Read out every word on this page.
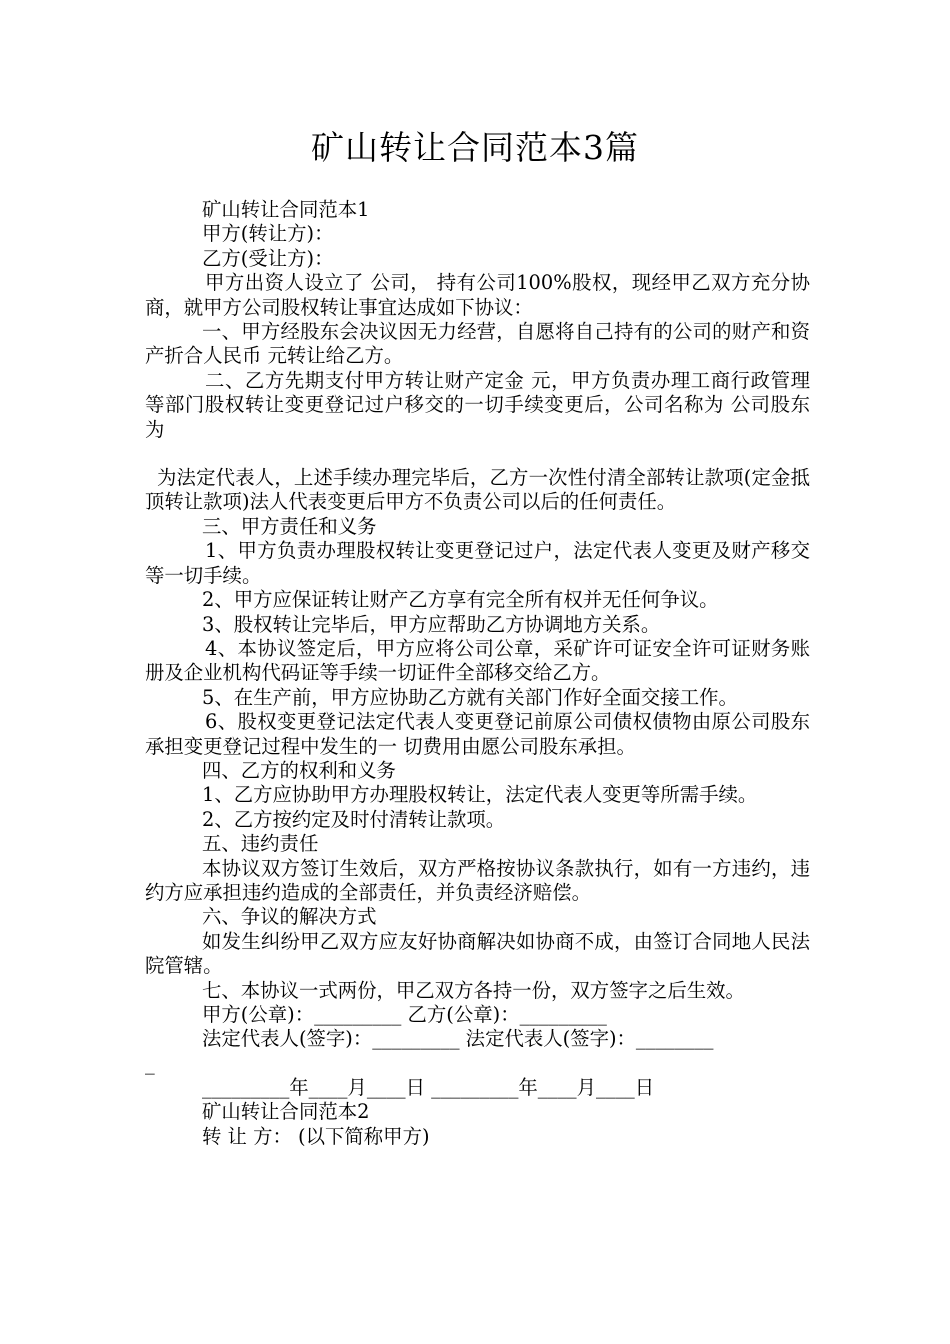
矿山转让合同范本3篇

矿山转让合同范本1

甲方(转让方)：

乙方(受让方)：

甲方出资人设立了 公司， 持有公司100%股权，现经甲乙双方充分协商，就甲方公司股权转让事宜达成如下协议：

一、甲方经股东会决议因无力经营，自愿将自己持有的公司的财产和资产折合人民币 元转让给乙方。

二、乙方先期支付甲方转让财产定金 元，甲方负责办理工商行政管理等部门股权转让变更登记过户移交的一切手续变更后，公司名称为 公司股东为

为法定代表人，上述手续办理完毕后，乙方一次性付清全部转让款项(定金抵顶转让款项)法人代表变更后甲方不负责公司以后的任何责任。

三、甲方责任和义务

1、甲方负责办理股权转让变更登记过户，法定代表人变更及财产移交等一切手续。

2、甲方应保证转让财产乙方享有完全所有权并无任何争议。

3、股权转让完毕后，甲方应帮助乙方协调地方关系。

4、本协议签定后，甲方应将公司公章，采矿许可证安全许可证财务账册及企业机构代码证等手续一切证件全部移交给乙方。

5、在生产前，甲方应协助乙方就有关部门作好全面交接工作。

6、股权变更登记法定代表人变更登记前原公司债权债物由原公司股东承担变更登记过程中发生的一 切费用由愿公司股东承担。

四、乙方的权利和义务

1、乙方应协助甲方办理股权转让，法定代表人变更等所需手续。

2、乙方按约定及时付清转让款项。

五、违约责任

本协议双方签订生效后，双方严格按协议条款执行，如有一方违约，违约方应承担违约造成的全部责任，并负责经济赔偿。

六、争议的解决方式

如发生纠纷甲乙双方应友好协商解决如协商不成，由签订合同地人民法院管辖。

七、本协议一式两份，甲乙双方各持一份，双方签字之后生效。

甲方(公章)：_________ 乙方(公章)：_________

法定代表人(签字)：_________ 法定代表人(签字)：________

_

_________年____月____日 _________年____月____日

矿山转让合同范本2

转 让 方： (以下简称甲方)
